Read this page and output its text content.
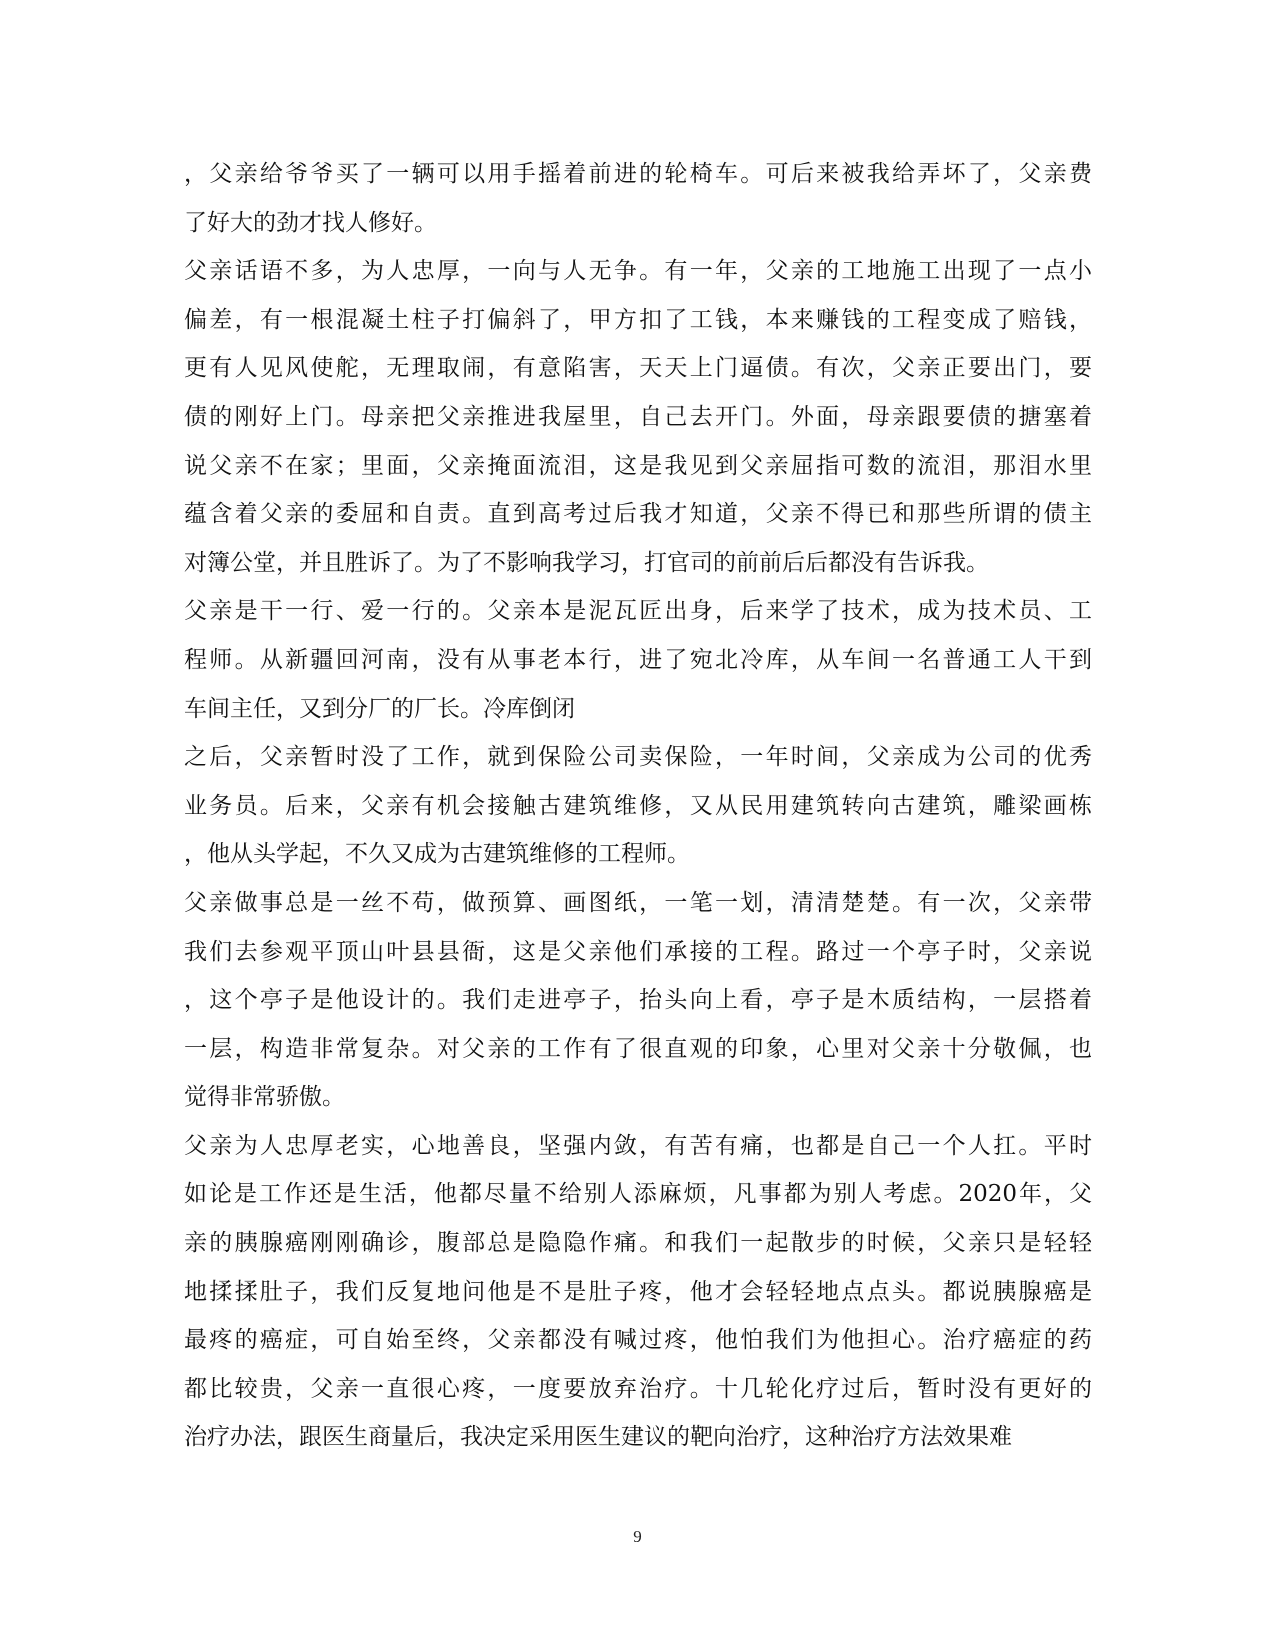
，父亲给爷爷买了一辆可以用手摇着前进的轮椅车。可后来被我给弄坏了，父亲费
了好大的劲才找人修好。
父亲话语不多，为人忠厚，一向与人无争。有一年，父亲的工地施工出现了一点小
偏差，有一根混凝土柱子打偏斜了，甲方扣了工钱，本来赚钱的工程变成了赔钱，
更有人见风使舵，无理取闹，有意陷害，天天上门逼债。有次，父亲正要出门，要
债的刚好上门。母亲把父亲推进我屋里，自己去开门。外面，母亲跟要债的搪塞着
说父亲不在家；里面，父亲掩面流泪，这是我见到父亲屈指可数的流泪，那泪水里
蕴含着父亲的委屈和自责。直到高考过后我才知道，父亲不得已和那些所谓的债主
对簿公堂，并且胜诉了。为了不影响我学习，打官司的前前后后都没有告诉我。
父亲是干一行、爱一行的。父亲本是泥瓦匠出身，后来学了技术，成为技术员、工
程师。从新疆回河南，没有从事老本行，进了宛北冷库，从车间一名普通工人干到
车间主任，又到分厂的厂长。冷库倒闭
之后，父亲暂时没了工作，就到保险公司卖保险，一年时间，父亲成为公司的优秀
业务员。后来，父亲有机会接触古建筑维修，又从民用建筑转向古建筑，雕梁画栋
，他从头学起，不久又成为古建筑维修的工程师。
父亲做事总是一丝不苟，做预算、画图纸，一笔一划，清清楚楚。有一次，父亲带
我们去参观平顶山叶县县衙，这是父亲他们承接的工程。路过一个亭子时，父亲说
，这个亭子是他设计的。我们走进亭子，抬头向上看，亭子是木质结构，一层搭着
一层，构造非常复杂。对父亲的工作有了很直观的印象，心里对父亲十分敬佩，也
觉得非常骄傲。
父亲为人忠厚老实，心地善良，坚强内敛，有苦有痛，也都是自己一个人扛。平时
如论是工作还是生活，他都尽量不给别人添麻烦，凡事都为别人考虑。2020年，父
亲的胰腺癌刚刚确诊，腹部总是隐隐作痛。和我们一起散步的时候，父亲只是轻轻
地揉揉肚子，我们反复地问他是不是肚子疼，他才会轻轻地点点头。都说胰腺癌是
最疼的癌症，可自始至终，父亲都没有喊过疼，他怕我们为他担心。治疗癌症的药
都比较贵，父亲一直很心疼，一度要放弃治疗。十几轮化疗过后，暂时没有更好的
治疗办法，跟医生商量后，我决定采用医生建议的靶向治疗，这种治疗方法效果难
9
